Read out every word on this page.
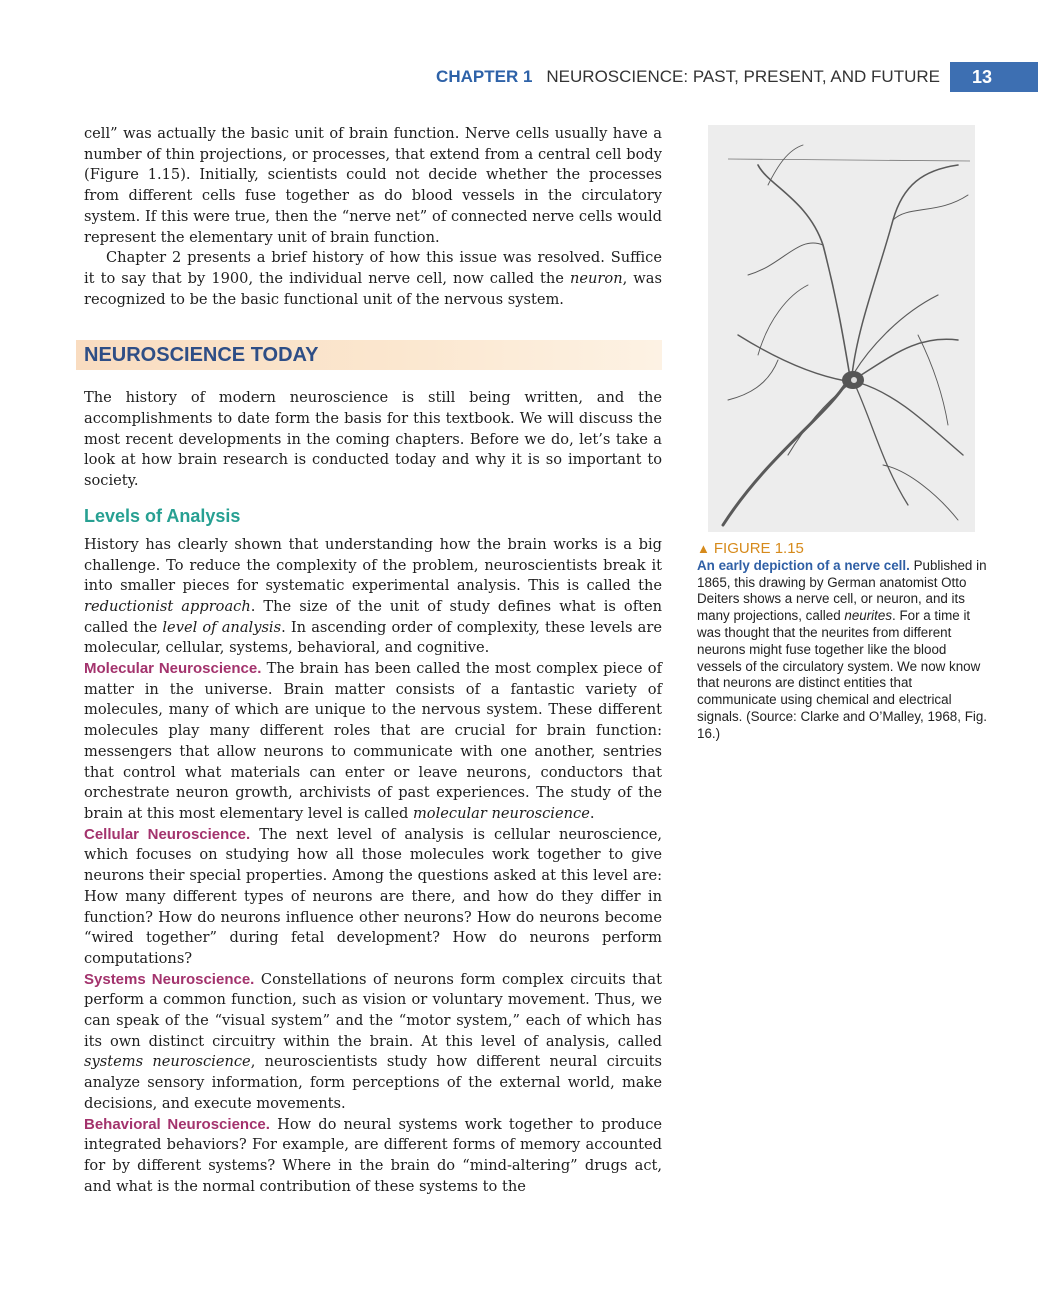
CHAPTER 1 NEUROSCIENCE: PAST, PRESENT, AND FUTURE	13

cell” was actually the basic unit of brain function. Nerve cells usually have a number of thin projections, or processes, that extend from a central cell body (Figure 1.15). Initially, scientists could not decide whether the processes from different cells fuse together as do blood vessels in the circulatory system. If this were true, then the “nerve net” of connected nerve cells would represent the elementary unit of brain function.

Chapter 2 presents a brief history of how this issue was resolved. Suffice it to say that by 1900, the individual nerve cell, now called the neuron, was recognized to be the basic functional unit of the nervous system.

NEUROSCIENCE TODAY

The history of modern neuroscience is still being written, and the accomplishments to date form the basis for this textbook. We will discuss the most recent developments in the coming chapters. Before we do, let’s take a look at how brain research is conducted today and why it is so important to society.

Levels of Analysis

History has clearly shown that understanding how the brain works is a big challenge. To reduce the complexity of the problem, neuroscientists break it into smaller pieces for systematic experimental analysis. This is called the reductionist approach. The size of the unit of study defines what is often called the level of analysis. In ascending order of complexity, these levels are molecular, cellular, systems, behavioral, and cognitive.

Molecular Neuroscience. The brain has been called the most complex piece of matter in the universe. Brain matter consists of a fantastic variety of molecules, many of which are unique to the nervous system. These different molecules play many different roles that are crucial for brain function: messengers that allow neurons to communicate with one another, sentries that control what materials can enter or leave neurons, conductors that orchestrate neuron growth, archivists of past experiences. The study of the brain at this most elementary level is called molecular neuroscience.

Cellular Neuroscience. The next level of analysis is cellular neuroscience, which focuses on studying how all those molecules work together to give neurons their special properties. Among the questions asked at this level are: How many different types of neurons are there, and how do they differ in function? How do neurons influence other neurons? How do neurons become “wired together” during fetal development? How do neurons perform computations?

Systems Neuroscience. Constellations of neurons form complex circuits that perform a common function, such as vision or voluntary movement. Thus, we can speak of the “visual system” and the “motor system,” each of which has its own distinct circuitry within the brain. At this level of analysis, called systems neuroscience, neuroscientists study how different neural circuits analyze sensory information, form perceptions of the external world, make decisions, and execute movements.

Behavioral Neuroscience. How do neural systems work together to produce integrated behaviors? For example, are different forms of memory accounted for by different systems? Where in the brain do “mind-altering” drugs act, and what is the normal contribution of these systems to the

▲ FIGURE 1.15
An early depiction of a nerve cell. Published in 1865, this drawing by German anatomist Otto Deiters shows a nerve cell, or neuron, and its many projections, called neurites. For a time it was thought that the neurites from different neurons might fuse together like the blood vessels of the circulatory system. We now know that neurons are distinct entities that communicate using chemical and electrical signals. (Source: Clarke and O’Malley, 1968, Fig. 16.)
